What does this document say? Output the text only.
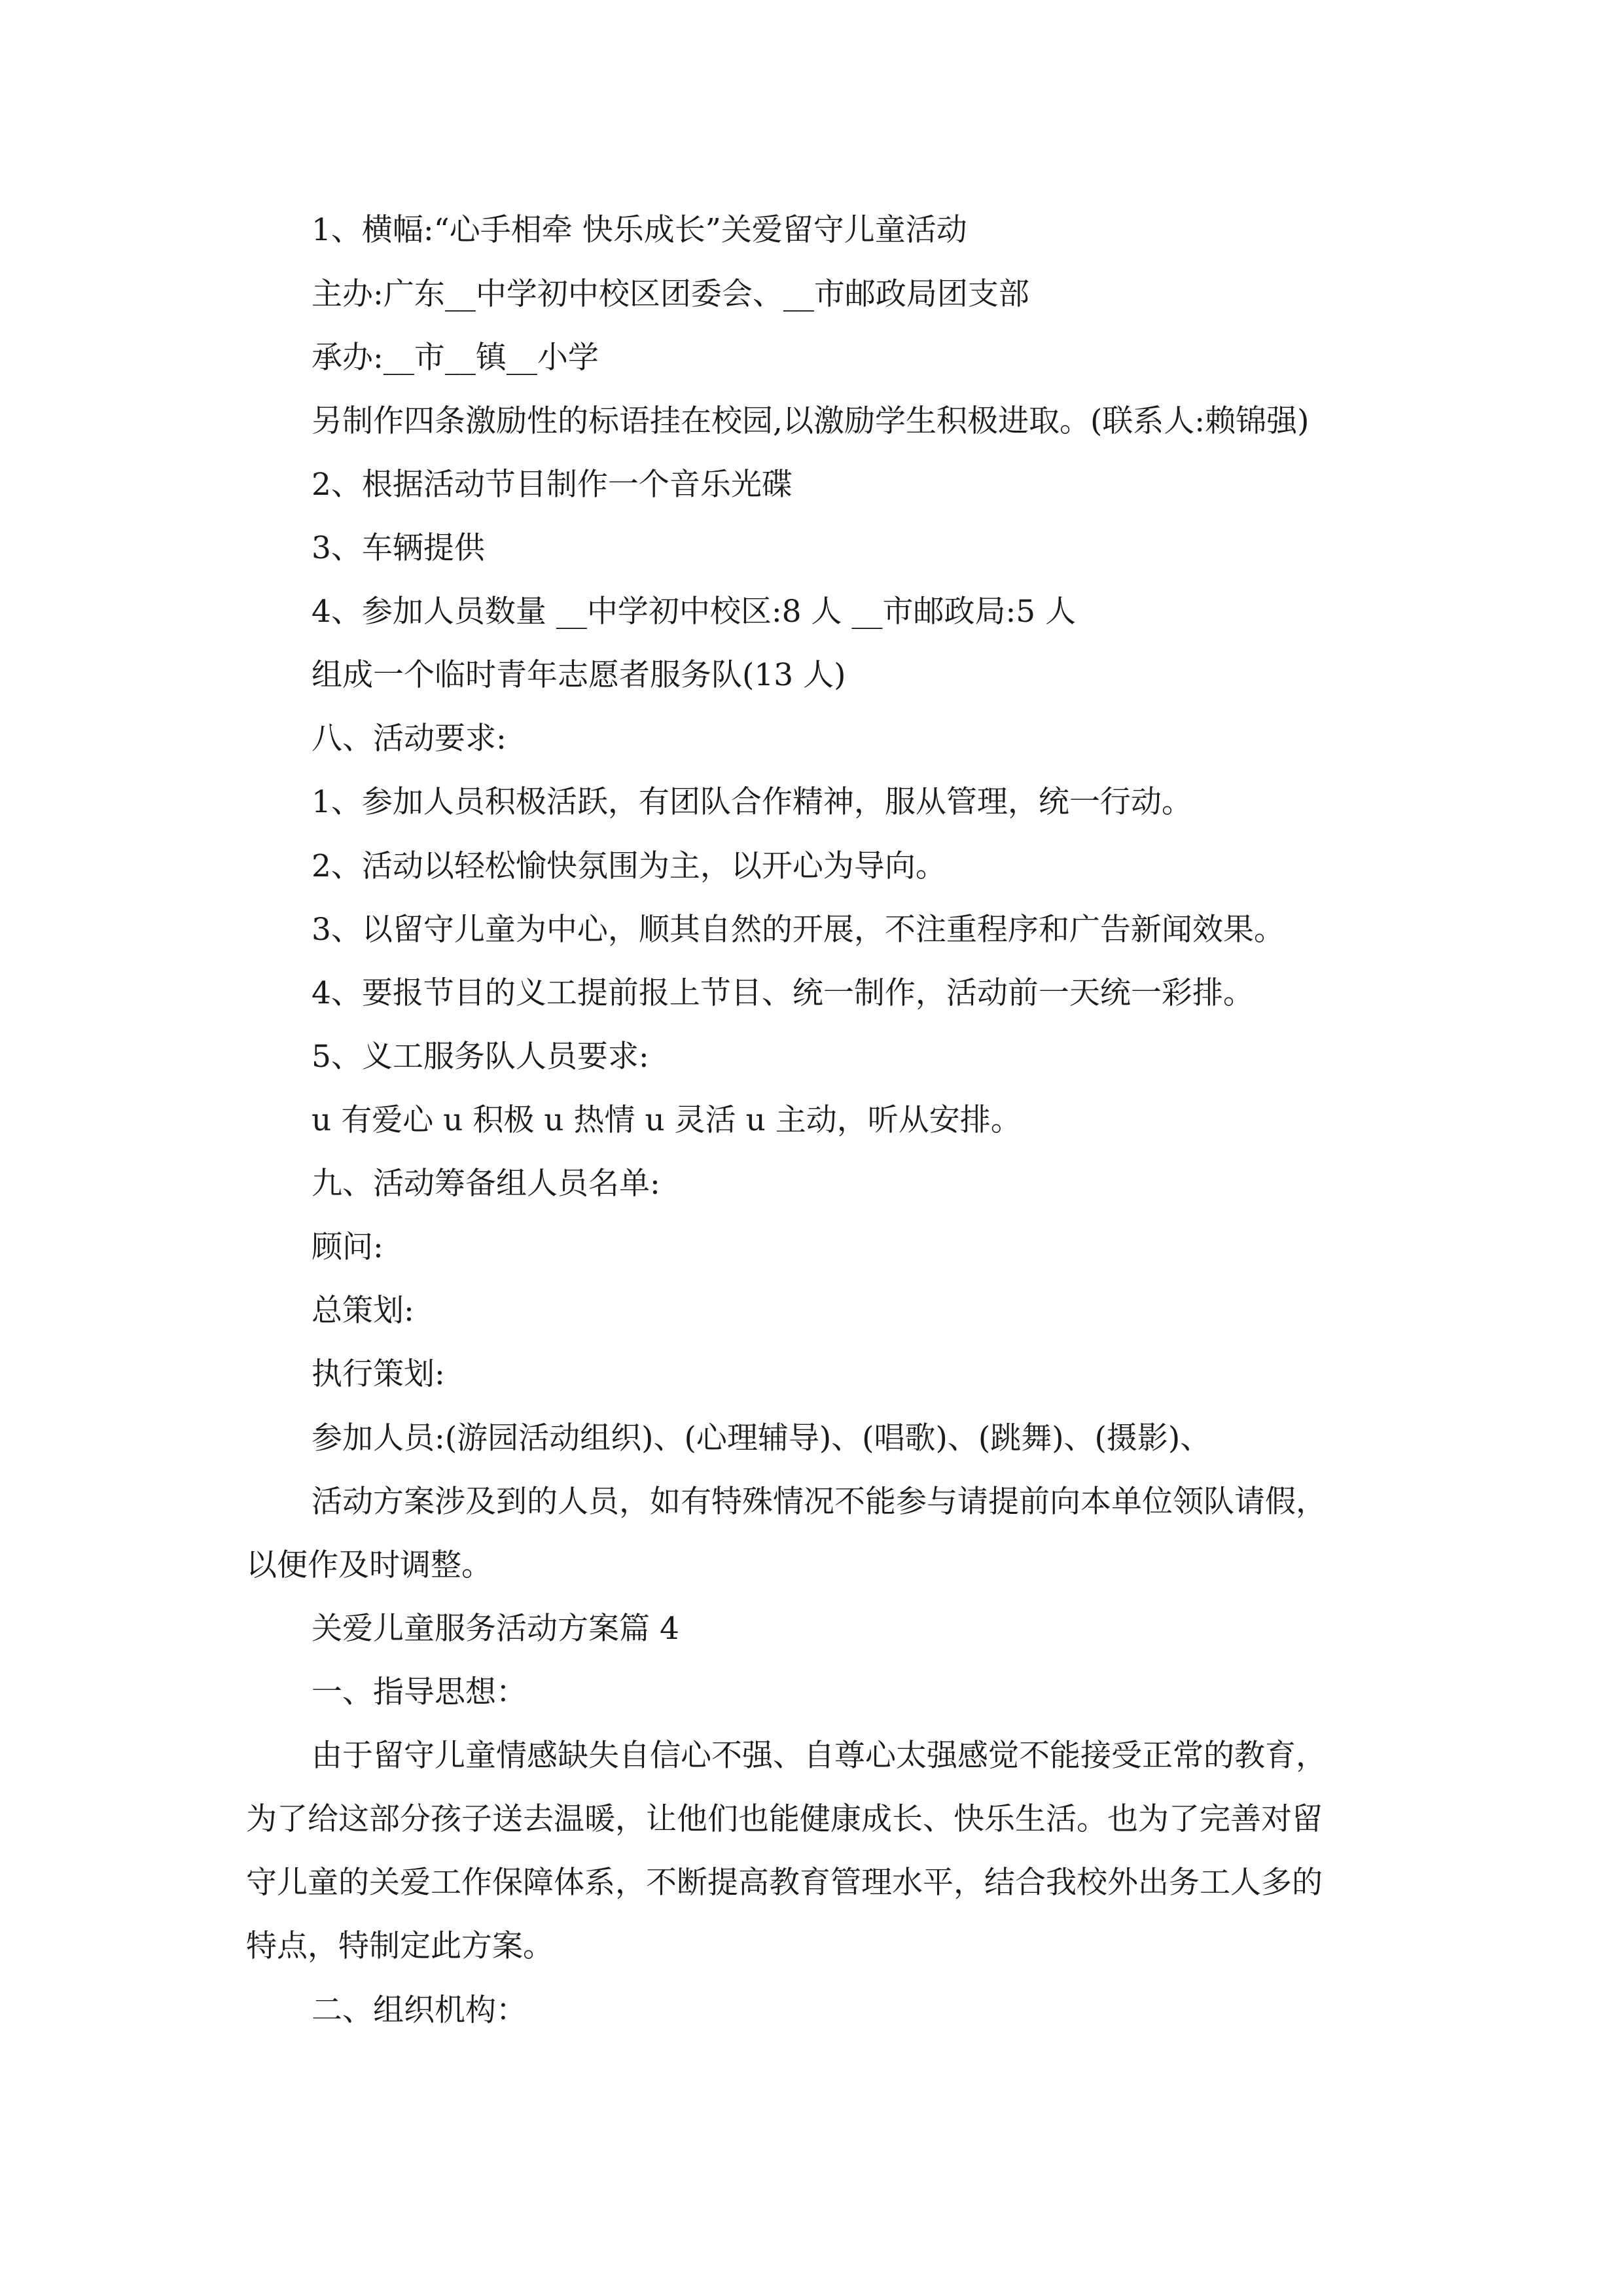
1、横幅:“心手相牵 快乐成长”关爱留守儿童活动
主办:广东__中学初中校区团委会、__市邮政局团支部
承办:__市__镇__小学
另制作四条激励性的标语挂在校园,以激励学生积极进取。(联系人:赖锦强)
2、根据活动节目制作一个音乐光碟
3、车辆提供
4、参加人员数量 __中学初中校区:8 人 __市邮政局:5 人
组成一个临时青年志愿者服务队(13 人)
八、活动要求:
1、参加人员积极活跃，有团队合作精神，服从管理，统一行动。
2、活动以轻松愉快氛围为主，以开心为导向。
3、以留守儿童为中心，顺其自然的开展，不注重程序和广告新闻效果。
4、要报节目的义工提前报上节目、统一制作，活动前一天统一彩排。
5、义工服务队人员要求:
u 有爱心 u 积极 u 热情 u 灵活 u 主动，听从安排。
九、活动筹备组人员名单:
顾问:
总策划:
执行策划:
参加人员:(游园活动组织)、(心理辅导)、(唱歌)、(跳舞)、(摄影)、
活动方案涉及到的人员，如有特殊情况不能参与请提前向本单位领队请假，
以便作及时调整。
关爱儿童服务活动方案篇 4
一、指导思想：
由于留守儿童情感缺失自信心不强、自尊心太强感觉不能接受正常的教育，
为了给这部分孩子送去温暖，让他们也能健康成长、快乐生活。也为了完善对留
守儿童的关爱工作保障体系，不断提高教育管理水平，结合我校外出务工人多的
特点，特制定此方案。
二、组织机构：
